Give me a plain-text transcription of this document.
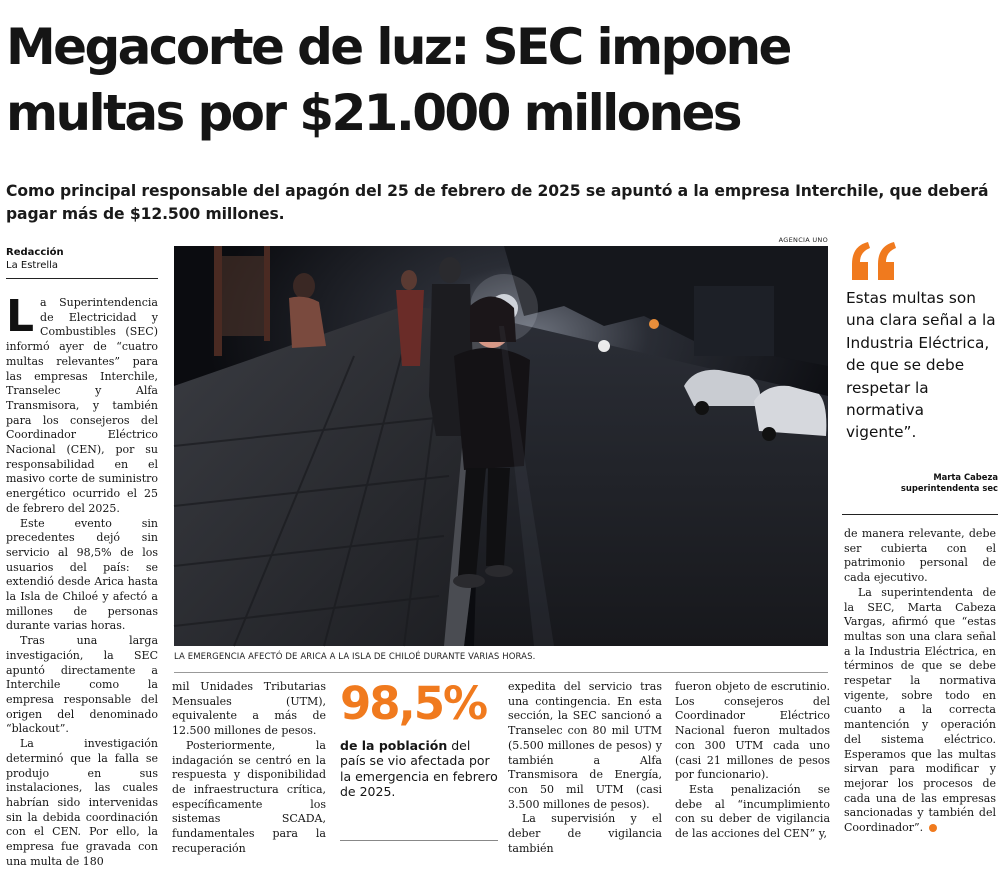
Megacorte de luz: SEC impone
multas por $21.000 millones

Como principal responsable del apagón del 25 de febrero de 2025 se apuntó a la empresa Interchile, que deberá pagar más de $12.500 millones.

Redacción
La Estrella

La Superintendencia de Electricidad y Combustibles (SEC) informó ayer de “cuatro multas relevantes” para las empresas Interchile, Transelec y Alfa Transmisora, y también para los consejeros del Coordinador Eléctrico Nacional (CEN), por su responsabilidad en el masivo corte de suministro energético ocurrido el 25 de febrero del 2025.

Este evento sin precedentes dejó sin servicio al 98,5% de los usuarios del país: se extendió desde Arica hasta la Isla de Chiloé y afectó a millones de personas durante varias horas.

Tras una larga investigación, la SEC apuntó directamente a Interchile como la empresa responsable del origen del denominado “blackout”.

La investigación determinó que la falla se produjo en sus instalaciones, las cuales habrían sido intervenidas sin la debida coordinación con el CEN. Por ello, la empresa fue gravada con una multa de 180

AGENCIA UNO
LA EMERGENCIA AFECTÓ DE ARICA A LA ISLA DE CHILOÉ DURANTE VARIAS HORAS.

mil Unidades Tributarias Mensuales (UTM), equivalente a más de 12.500 millones de pesos.

Posteriormente, la indagación se centró en la respuesta y disponibilidad de infraestructura crítica, específicamente los sistemas SCADA, fundamentales para la recuperación

98,5%
de la población del país se vio afectada por la emergencia en febrero de 2025.

expedita del servicio tras una contingencia. En esta sección, la SEC sancionó a Transelec con 80 mil UTM (5.500 millones de pesos) y también a Alfa Transmisora de Energía, con 50 mil UTM (casi 3.500 millones de pesos).

La supervisión y el deber de vigilancia también

fueron objeto de escrutinio. Los consejeros del Coordinador Eléctrico Nacional fueron multados con 300 UTM cada uno (casi 21 millones de pesos por funcionario).

Esta penalización se debe al “incumplimiento con su deber de vigilancia de las acciones del CEN” y,

Estas multas son una clara señal a la Industria Eléctrica, de que se debe respetar la normativa vigente”.

Marta Cabeza
superintendenta sec

de manera relevante, debe ser cubierta con el patrimonio personal de cada ejecutivo.

La superintendenta de la SEC, Marta Cabeza Vargas, afirmó que “estas multas son una clara señal a la Industria Eléctrica, en términos de que se debe respetar la normativa vigente, sobre todo en cuanto a la correcta mantención y operación del sistema eléctrico. Esperamos que las multas sirvan para modificar y mejorar los procesos de cada una de las empresas sancionadas y también del Coordinador”.
